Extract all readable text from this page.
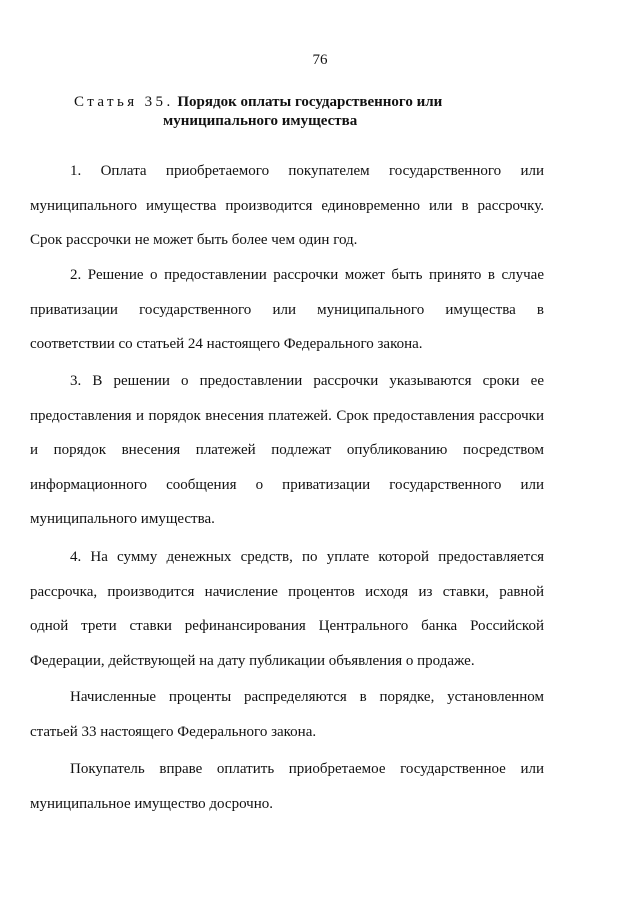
76
Статья 35. Порядок оплаты государственного или
муниципального имущества
1. Оплата приобретаемого покупателем государственного или
муниципального имущества производится единовременно или в рассрочку.
Срок рассрочки не может быть более чем один год.
2. Решение о предоставлении рассрочки может быть принято в случае
приватизации государственного или муниципального имущества в
соответствии со статьей 24 настоящего Федерального закона.
3. В решении о предоставлении рассрочки указываются сроки ее
предоставления и порядок внесения платежей. Срок предоставления рассрочки
и порядок внесения платежей подлежат опубликованию посредством
информационного сообщения о приватизации государственного или
муниципального имущества.
4. На сумму денежных средств, по уплате которой предоставляется
рассрочка, производится начисление процентов исходя из ставки, равной
одной трети ставки рефинансирования Центрального банка Российской
Федерации, действующей на дату публикации объявления о продаже.
Начисленные проценты распределяются в порядке, установленном
статьей 33 настоящего Федерального закона.
Покупатель вправе оплатить приобретаемое государственное или
муниципальное имущество досрочно.
